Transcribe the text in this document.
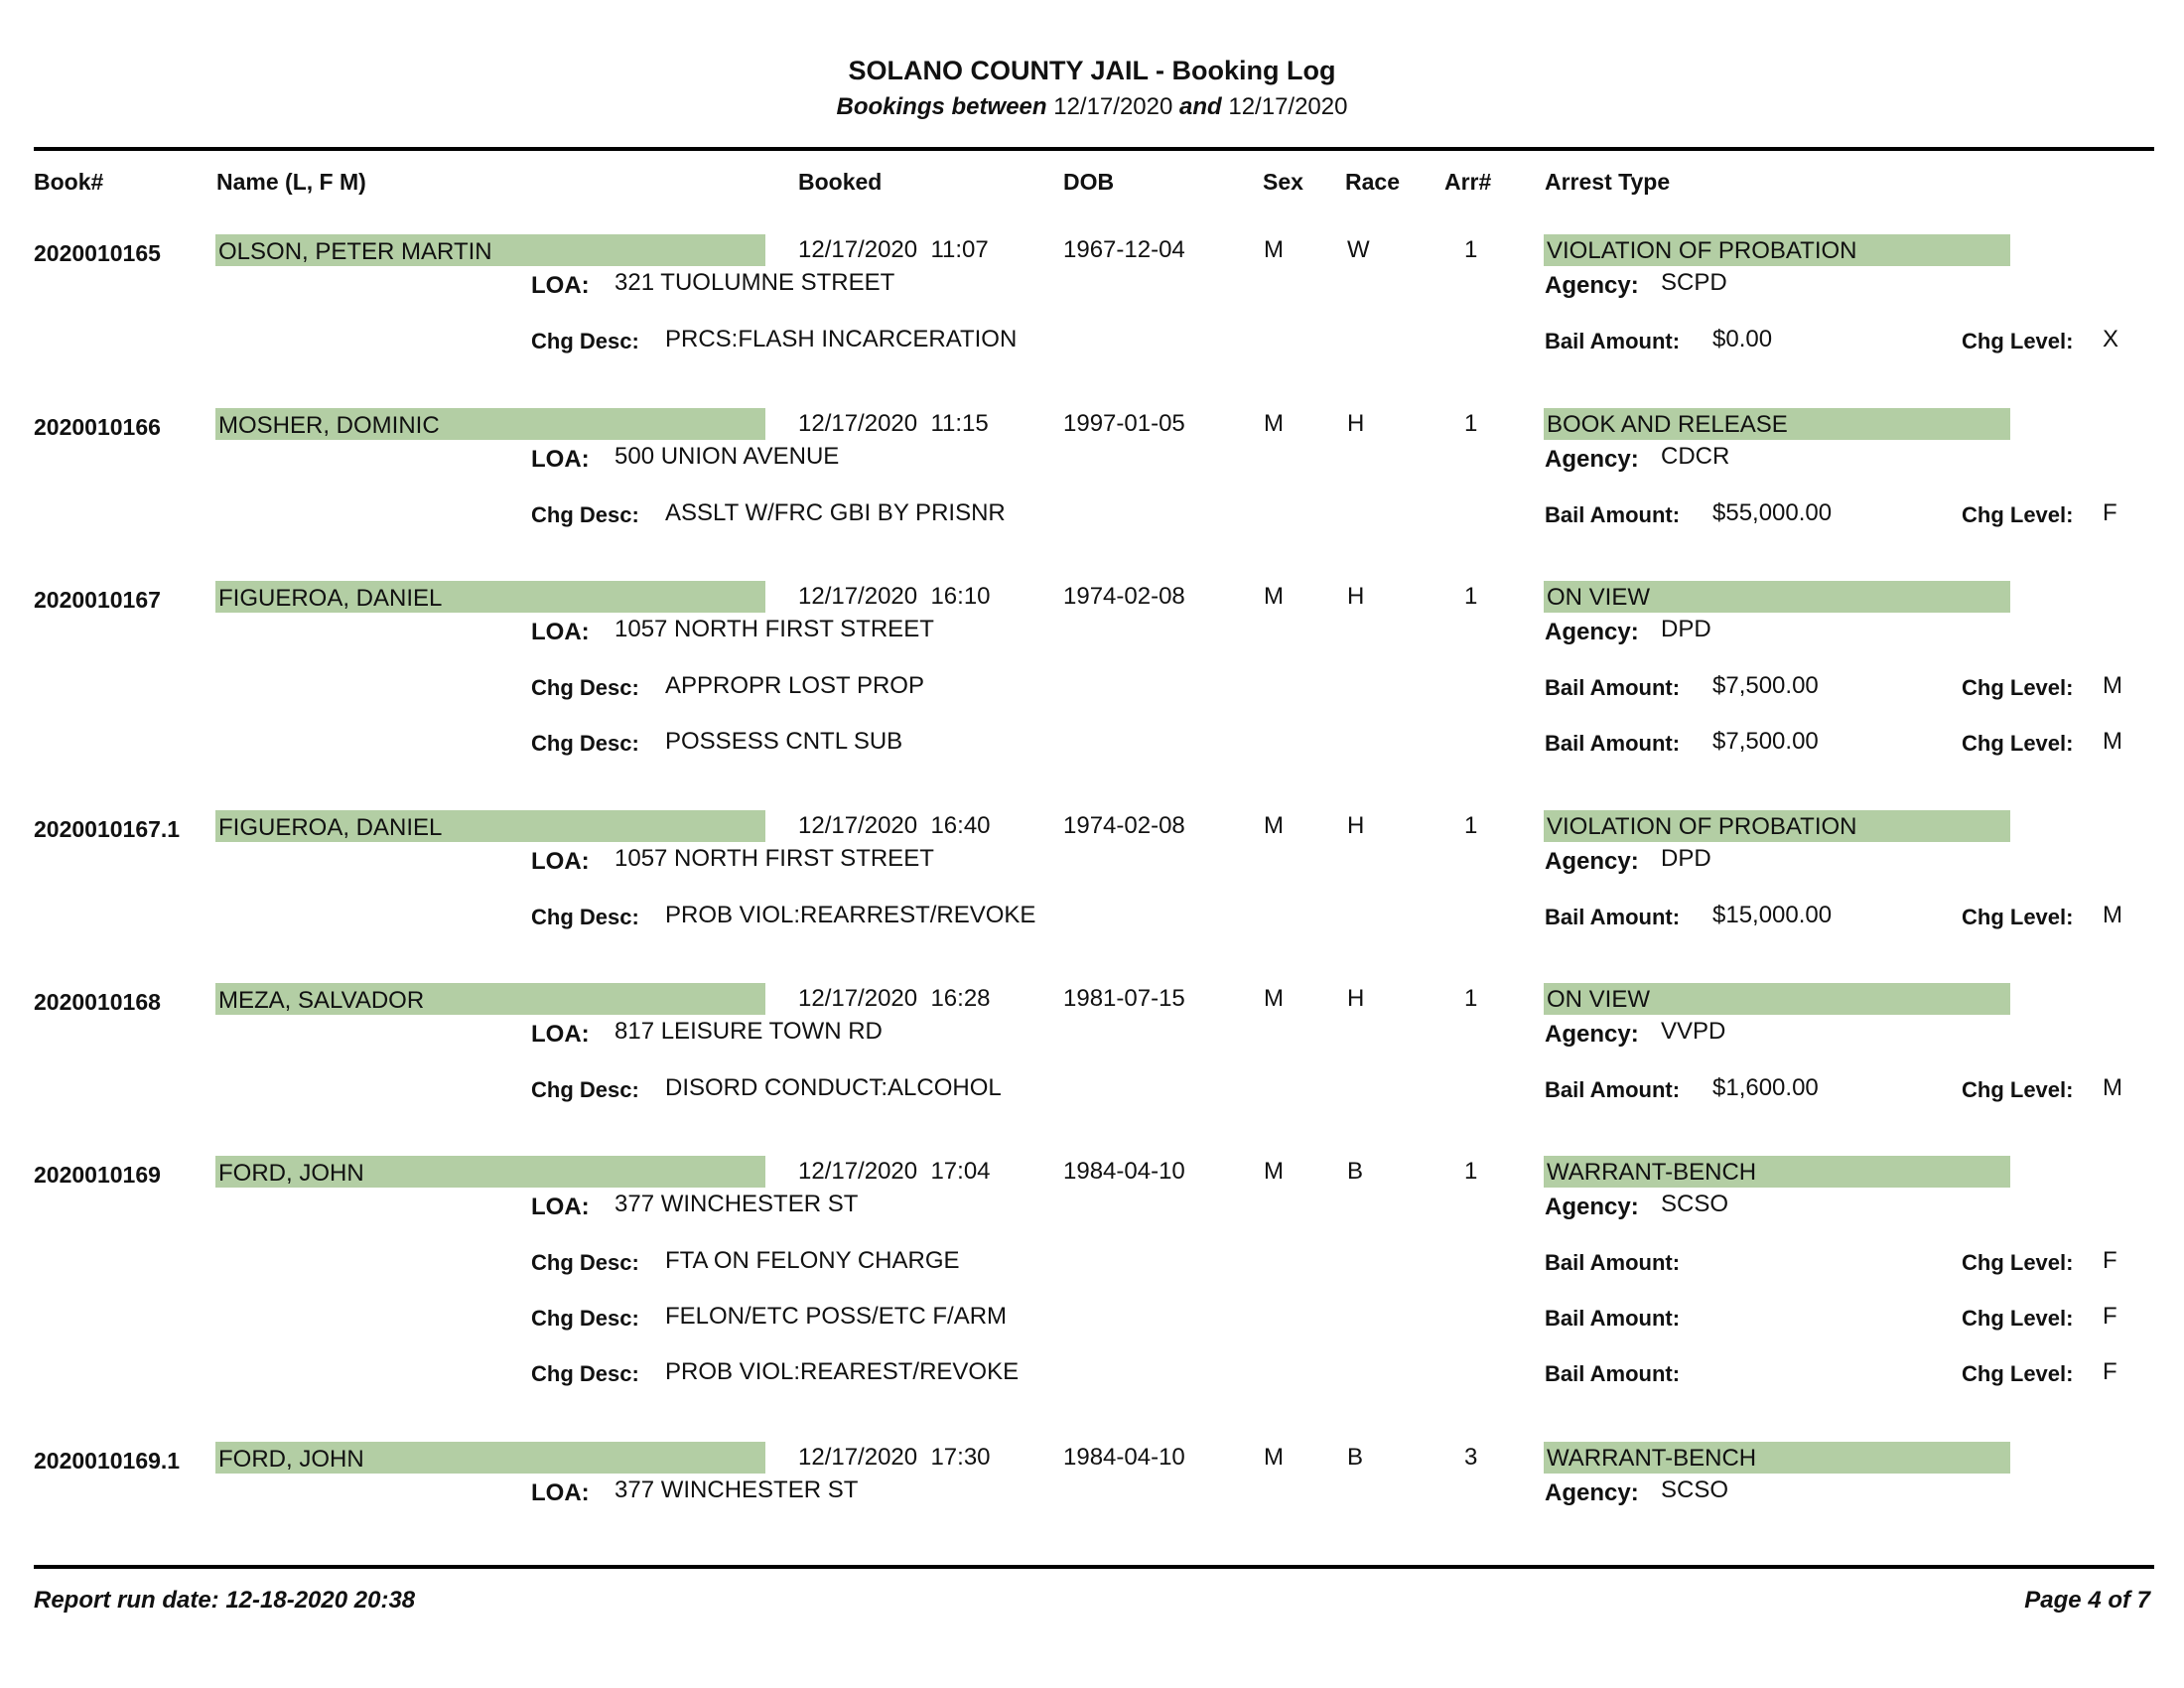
SOLANO COUNTY JAIL - Booking Log
Bookings between 12/17/2020 and 12/17/2020
Book#	Name (L, F M)	Booked	DOB	Sex Race Arr# Arrest Type
2020010165 OLSON, PETER MARTIN	12/17/2020  11:07	1967-12-04	M	W	1	VIOLATION OF PROBATION
LOA: 321 TUOLUMNE STREET	Agency: SCPD
Chg Desc: PRCS:FLASH INCARCERATION	Bail Amount: $0.00	Chg Level: X
2020010166 MOSHER, DOMINIC	12/17/2020  11:15	1997-01-05	M	H	1	BOOK AND RELEASE
LOA: 500 UNION AVENUE	Agency: CDCR
Chg Desc: ASSLT W/FRC GBI BY PRISNR	Bail Amount: $55,000.00	Chg Level: F
2020010167 FIGUEROA, DANIEL	12/17/2020  16:10	1974-02-08	M	H	1	ON VIEW
LOA: 1057 NORTH FIRST STREET	Agency: DPD
Chg Desc: APPROPR LOST PROP	Bail Amount: $7,500.00	Chg Level: M
Chg Desc: POSSESS CNTL SUB	Bail Amount: $7,500.00	Chg Level: M
2020010167.1 FIGUEROA, DANIEL	12/17/2020  16:40	1974-02-08	M	H	1	VIOLATION OF PROBATION
LOA: 1057 NORTH FIRST STREET	Agency: DPD
Chg Desc: PROB VIOL:REARREST/REVOKE	Bail Amount: $15,000.00	Chg Level: M
2020010168 MEZA, SALVADOR	12/17/2020  16:28	1981-07-15	M	H	1	ON VIEW
LOA: 817 LEISURE TOWN RD	Agency: VVPD
Chg Desc: DISORD CONDUCT:ALCOHOL	Bail Amount: $1,600.00	Chg Level: M
2020010169 FORD, JOHN	12/17/2020  17:04	1984-04-10	M	B	1	WARRANT-BENCH
LOA: 377 WINCHESTER ST	Agency: SCSO
Chg Desc: FTA ON FELONY CHARGE	Bail Amount:	Chg Level: F
Chg Desc: FELON/ETC POSS/ETC F/ARM	Bail Amount:	Chg Level: F
Chg Desc: PROB VIOL:REAREST/REVOKE	Bail Amount:	Chg Level: F
2020010169.1 FORD, JOHN	12/17/2020  17:30	1984-04-10	M	B	3	WARRANT-BENCH
LOA: 377 WINCHESTER ST	Agency: SCSO
Report run date: 12-18-2020 20:38	Page 4 of 7
